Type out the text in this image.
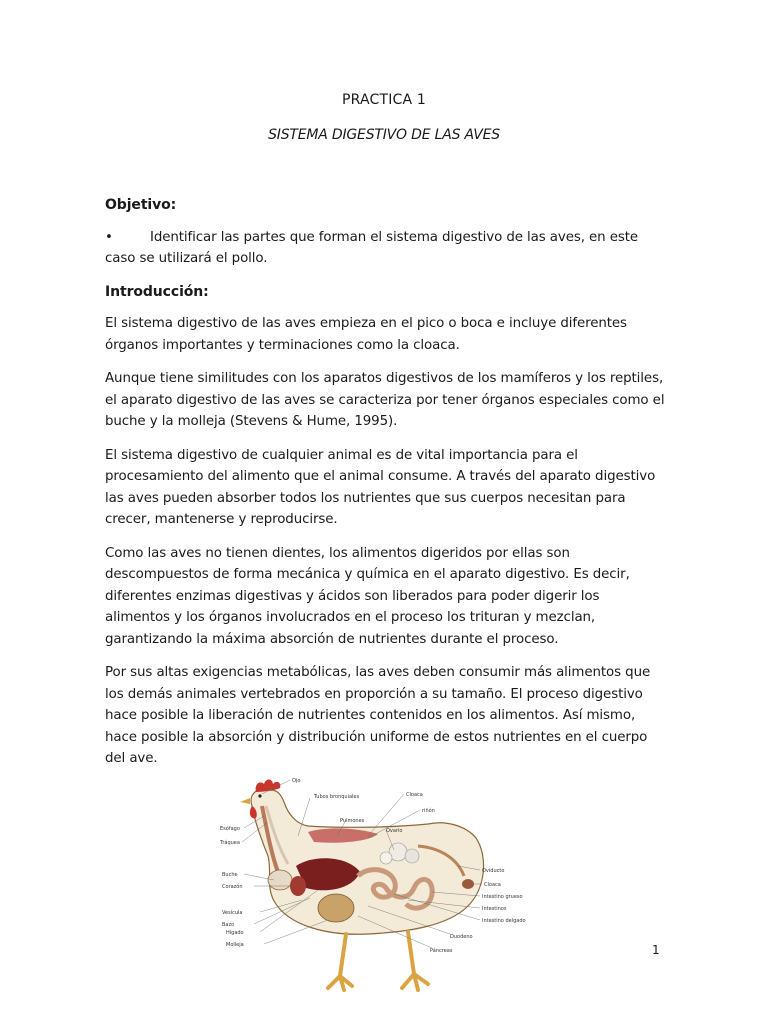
PRACTICA 1
SISTEMA DIGESTIVO DE LAS AVES
Objetivo:
•	Identificar las partes que forman el sistema digestivo de las aves, en este
caso se utilizará el pollo.
Introducción:

El sistema digestivo de las aves empieza en el pico o boca e incluye diferentes órganos importantes y terminaciones como la cloaca.

Aunque tiene similitudes con los aparatos digestivos de los mamíferos y los reptiles, el aparato digestivo de las aves se caracteriza por tener órganos especiales como el buche y la molleja (Stevens & Hume, 1995).

El sistema digestivo de cualquier animal es de vital importancia para el procesamiento del alimento que el animal consume. A través del aparato digestivo las aves pueden absorber todos los nutrientes que sus cuerpos necesitan para crecer, mantenerse y reproducirse.

Como las aves no tienen dientes, los alimentos digeridos por ellas son descompuestos de forma mecánica y química en el aparato digestivo. Es decir, diferentes enzimas digestivas y ácidos son liberados para poder digerir los alimentos y los órganos involucrados en el proceso los trituran y mezclan, garantizando la máxima absorción de nutrientes durante el proceso.

Por sus altas exigencias metabólicas, las aves deben consumir más alimentos que los demás animales vertebrados en proporción a su tamaño. El proceso digestivo hace posible la liberación de nutrientes contenidos en los alimentos. Así mismo, hace posible la absorción y distribución uniforme de estos nutrientes en el cuerpo del ave.

Ojo
Tubos bronquiales	Cloaca
riñón
Pulmones
Ovario
Esófago
Tráquea
Oviducto
Buche
Corazón	Cloaca
Intestino grueso
Vesícula
Intestinos
Bazo
Hígado
Intestino delgado
Molleja
Duodeno
Páncreas	1
